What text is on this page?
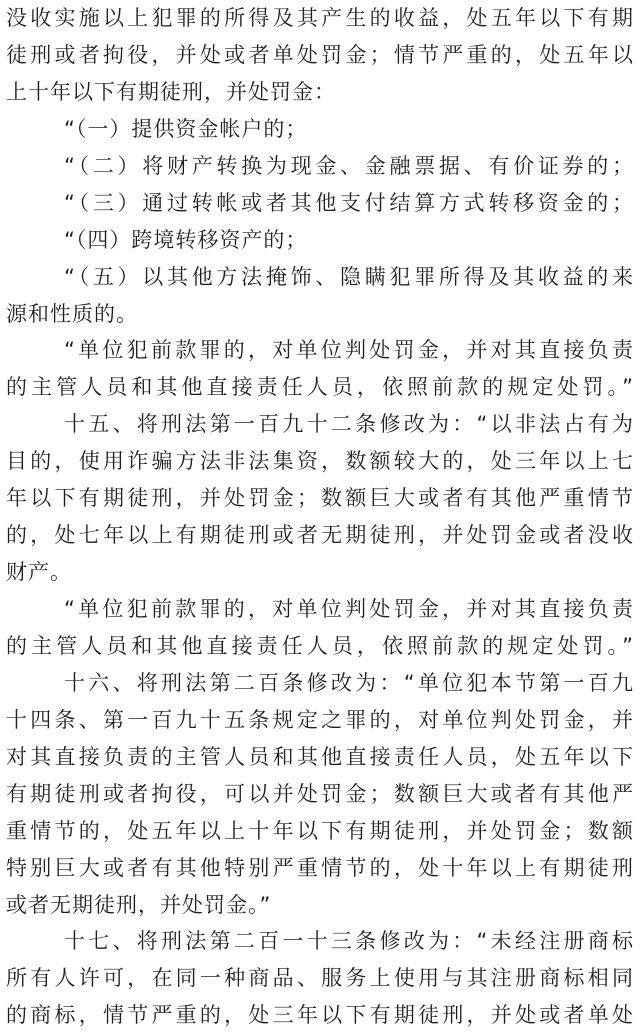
没收实施以上犯罪的所得及其产生的收益，处五年以下有期
徒刑或者拘役，并处或者单处罚金；情节严重的，处五年以
上十年以下有期徒刑，并处罚金：
“（一）提供资金帐户的；
“（二）将财产转换为现金、金融票据、有价证券的；
“（三）通过转帐或者其他支付结算方式转移资金的；
“（四）跨境转移资产的；
“（五）以其他方法掩饰、隐瞒犯罪所得及其收益的来
源和性质的。
“单位犯前款罪的，对单位判处罚金，并对其直接负责
的主管人员和其他直接责任人员，依照前款的规定处罚。”
十五、将刑法第一百九十二条修改为：“以非法占有为
目的，使用诈骗方法非法集资，数额较大的，处三年以上七
年以下有期徒刑，并处罚金；数额巨大或者有其他严重情节
的，处七年以上有期徒刑或者无期徒刑，并处罚金或者没收
财产。
“单位犯前款罪的，对单位判处罚金，并对其直接负责
的主管人员和其他直接责任人员，依照前款的规定处罚。”
十六、将刑法第二百条修改为：“单位犯本节第一百九
十四条、第一百九十五条规定之罪的，对单位判处罚金，并
对其直接负责的主管人员和其他直接责任人员，处五年以下
有期徒刑或者拘役，可以并处罚金；数额巨大或者有其他严
重情节的，处五年以上十年以下有期徒刑，并处罚金；数额
特别巨大或者有其他特别严重情节的，处十年以上有期徒刑
或者无期徒刑，并处罚金。”
十七、将刑法第二百一十三条修改为：“未经注册商标
所有人许可，在同一种商品、服务上使用与其注册商标相同
的商标，情节严重的，处三年以下有期徒刑，并处或者单处
